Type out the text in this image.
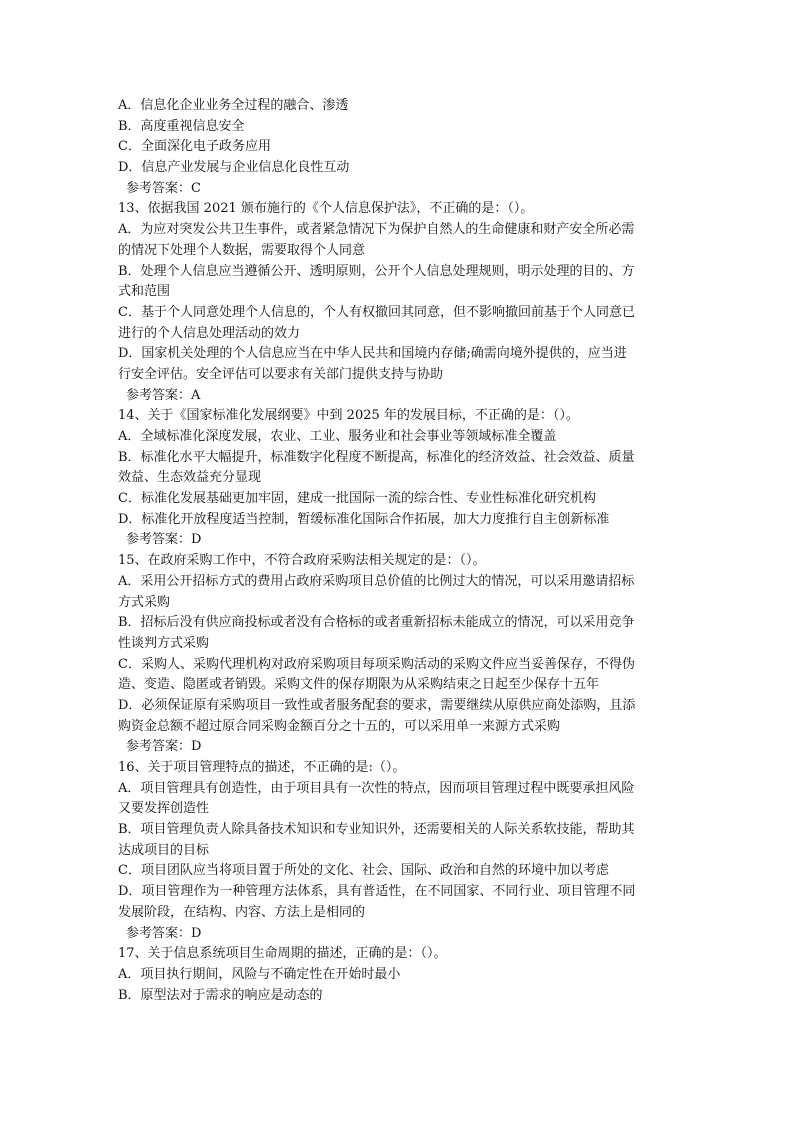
A．信息化企业业务全过程的融合、渗透
B．高度重视信息安全
C．全面深化电子政务应用
D．信息产业发展与企业信息化良性互动
参考答案：C
13、依据我国 2021 颁布施行的《个人信息保护法》，不正确的是：（）。
A．为应对突发公共卫生事件，或者紧急情况下为保护自然人的生命健康和财产安全所必需
的情况下处理个人数据，需要取得个人同意
B．处理个人信息应当遵循公开、透明原则，公开个人信息处理规则，明示处理的目的、方
式和范围
C．基于个人同意处理个人信息的，个人有权撤回其同意，但不影响撤回前基于个人同意已
进行的个人信息处理活动的效力
D．国家机关处理的个人信息应当在中华人民共和国境内存储;确需向境外提供的，应当进
行安全评估。安全评估可以要求有关部门提供支持与协助
参考答案：A
14、关于《国家标准化发展纲要》中到 2025 年的发展目标，不正确的是：（）。
A．全域标准化深度发展，农业、工业、服务业和社会事业等领域标准全覆盖
B．标准化水平大幅提升，标准数字化程度不断提高，标准化的经济效益、社会效益、质量
效益、生态效益充分显现
C．标准化发展基础更加牢固，建成一批国际一流的综合性、专业性标准化研究机构
D．标准化开放程度适当控制，暂缓标准化国际合作拓展，加大力度推行自主创新标准
参考答案：D
15、在政府采购工作中，不符合政府采购法相关规定的是：（）。
A．采用公开招标方式的费用占政府采购项目总价值的比例过大的情况，可以采用邀请招标
方式采购
B．招标后没有供应商投标或者没有合格标的或者重新招标未能成立的情况，可以采用竞争
性谈判方式采购
C．采购人、采购代理机构对政府采购项目每项采购活动的采购文件应当妥善保存，不得伪
造、变造、隐匿或者销毁。采购文件的保存期限为从采购结束之日起至少保存十五年
D．必须保证原有采购项目一致性或者服务配套的要求，需要继续从原供应商处添购，且添
购资金总额不超过原合同采购金额百分之十五的，可以采用单一来源方式采购
参考答案：D
16、关于项目管理特点的描述，不正确的是:（）。
A．项目管理具有创造性，由于项目具有一次性的特点，因而项目管理过程中既要承担风险
又要发挥创造性
B．项目管理负责人除具备技术知识和专业知识外，还需要相关的人际关系软技能，帮助其
达成项目的目标
C．项目团队应当将项目置于所处的文化、社会、国际、政治和自然的环境中加以考虑
D．项目管理作为一种管理方法体系，具有普适性，在不同国家、不同行业、项目管理不同
发展阶段，在结构、内容、方法上是相同的
参考答案：D
17、关于信息系统项目生命周期的描述，正确的是：（）。
A．项目执行期间，风险与不确定性在开始时最小
B．原型法对于需求的响应是动态的
